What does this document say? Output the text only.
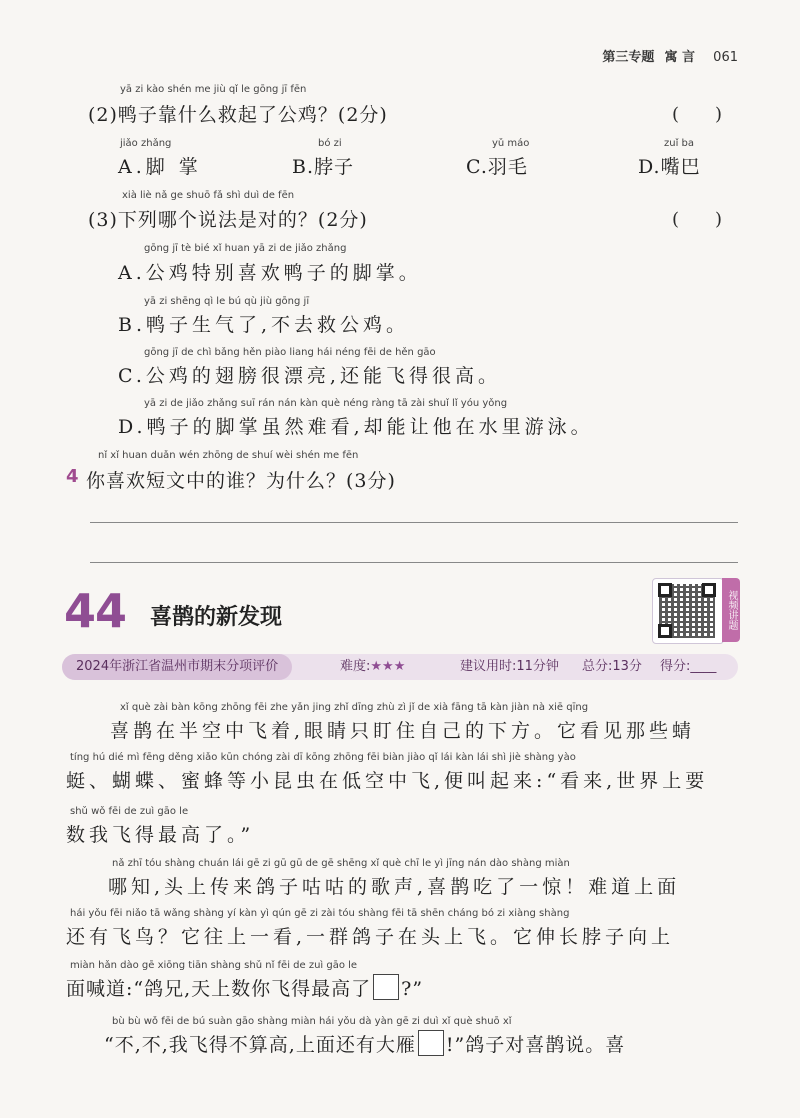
第三专题 寓 言 061
yā zi kào shén me jiù qǐ le gōng jī fēn
(2)鸭子靠什么救起了公鸡？(2分)	(　　)
jiǎo zhǎng
A.脚 掌
bó zi
B.脖子
yǔ máo
C.羽毛
zuǐ ba
D.嘴巴
xià liè nǎ ge shuō fǎ shì duì de fēn
(3)下列哪个说法是对的？(2分)	(　　)
gōng jī tè bié xǐ huan yā zi de jiǎo zhǎng
A.公鸡特别喜欢鸭子的脚掌。
yā zi shēng qì le bú qù jiù gōng jī
B.鸭子生气了,不去救公鸡。
gōng jī de chì bǎng hěn piào liang hái néng fēi de hěn gāo
C.公鸡的翅膀很漂亮,还能飞得很高。
yā zi de jiǎo zhǎng suī rán nán kàn què néng ràng tā zài shuǐ lǐ yóu yǒng
D.鸭子的脚掌虽然难看,却能让他在水里游泳。
nǐ xǐ huan duǎn wén zhōng de shuí wèi shén me fēn
4 你喜欢短文中的谁？为什么？(3分)
44 喜鹊的新发现	视频讲题
2024年浙江省温州市期末分项评价	难度:★★★	建议用时:11分钟 总分:13分 得分:____
xǐ què zài bàn kōng zhōng fēi zhe yǎn jing zhǐ dīng zhù zì jǐ de xià fāng tā kàn jiàn nà xiē qīng
喜鹊在半空中飞着,眼睛只盯住自己的下方。它看见那些蜻
tíng hú dié mì fēng děng xiǎo kūn chóng zài dī kōng zhōng fēi biàn jiào qǐ lái kàn lái shì jiè shàng yào
蜓、蝴蝶、蜜蜂等小昆虫在低空中飞,便叫起来:“看来,世界上要
shǔ wǒ fēi de zuì gāo le
数我飞得最高了。”
nǎ zhī tóu shàng chuán lái gē zi gū gū de gē shēng xǐ què chī le yì jīng nán dào shàng miàn
哪知,头上传来鸽子咕咕的歌声,喜鹊吃了一惊！难道上面
hái yǒu fēi niǎo tā wǎng shàng yí kàn yì qún gē zi zài tóu shàng fēi tā shēn cháng bó zi xiàng shàng
还有飞鸟？它往上一看,一群鸽子在头上飞。它伸长脖子向上
miàn hǎn dào gē xiōng tiān shàng shǔ nǐ fēi de zuì gāo le
面喊道:“鸽兄,天上数你飞得最高了 ?”
bù bù wǒ fēi de bú suàn gāo shàng miàn hái yǒu dà yàn gē zi duì xǐ què shuō xǐ
“不,不,我飞得不算高,上面还有大雁 !”鸽子对喜鹊说。喜
